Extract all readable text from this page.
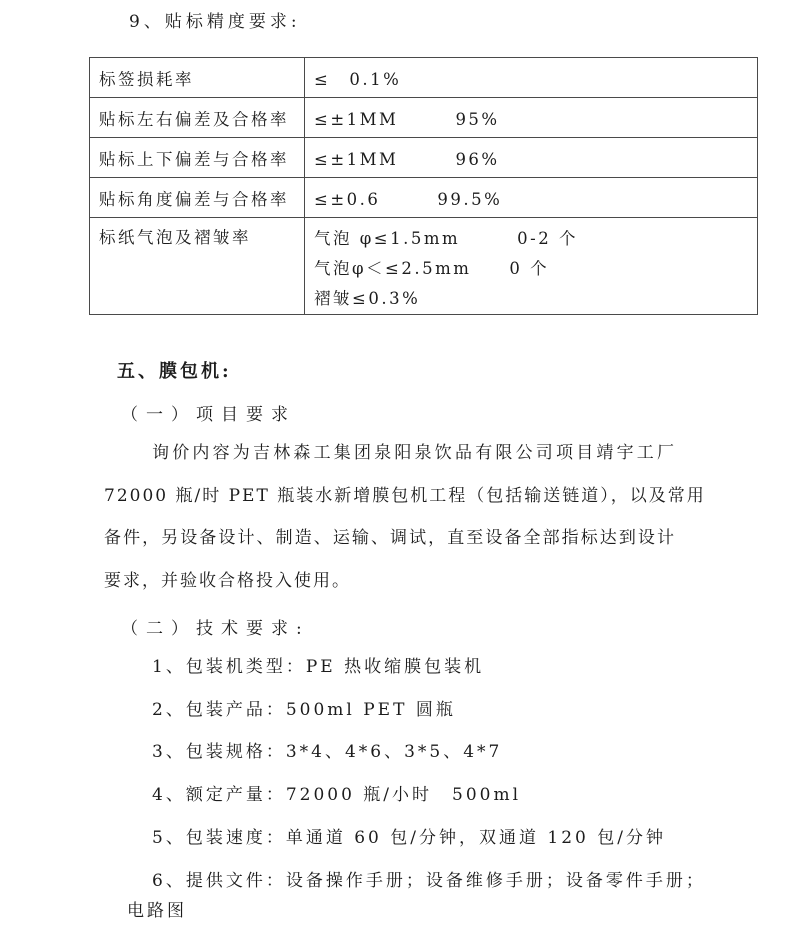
9、贴标精度要求:
标签损耗率	≤　0.1%

贴标左右偏差及合格率	≤±1MM　　　95%

贴标上下偏差与合格率	≤±1MM　　　96%

贴标角度偏差与合格率	≤±0.6　　　99.5%

标纸气泡及褶皱率	气泡 φ≤1.5mm　　　0-2 个
气泡φ＜≤2.5mm　　0 个
褶皱≤0.3%
五、膜包机:
（一）项目要求
询价内容为吉林森工集团泉阳泉饮品有限公司项目靖宇工厂
72000 瓶/时 PET 瓶装水新增膜包机工程（包括输送链道），以及常用
备件，另设备设计、制造、运输、调试，直至设备全部指标达到设计
要求，并验收合格投入使用。
（二）技术要求:
1、包装机类型：PE 热收缩膜包装机
2、包装产品：500ml PET 圆瓶
3、包装规格：3*4、4*6、3*5、4*7
4、额定产量：72000 瓶/小时　500ml
5、包装速度：单通道 60 包/分钟，双通道 120 包/分钟
6、提供文件：设备操作手册；设备维修手册；设备零件手册；
电路图
